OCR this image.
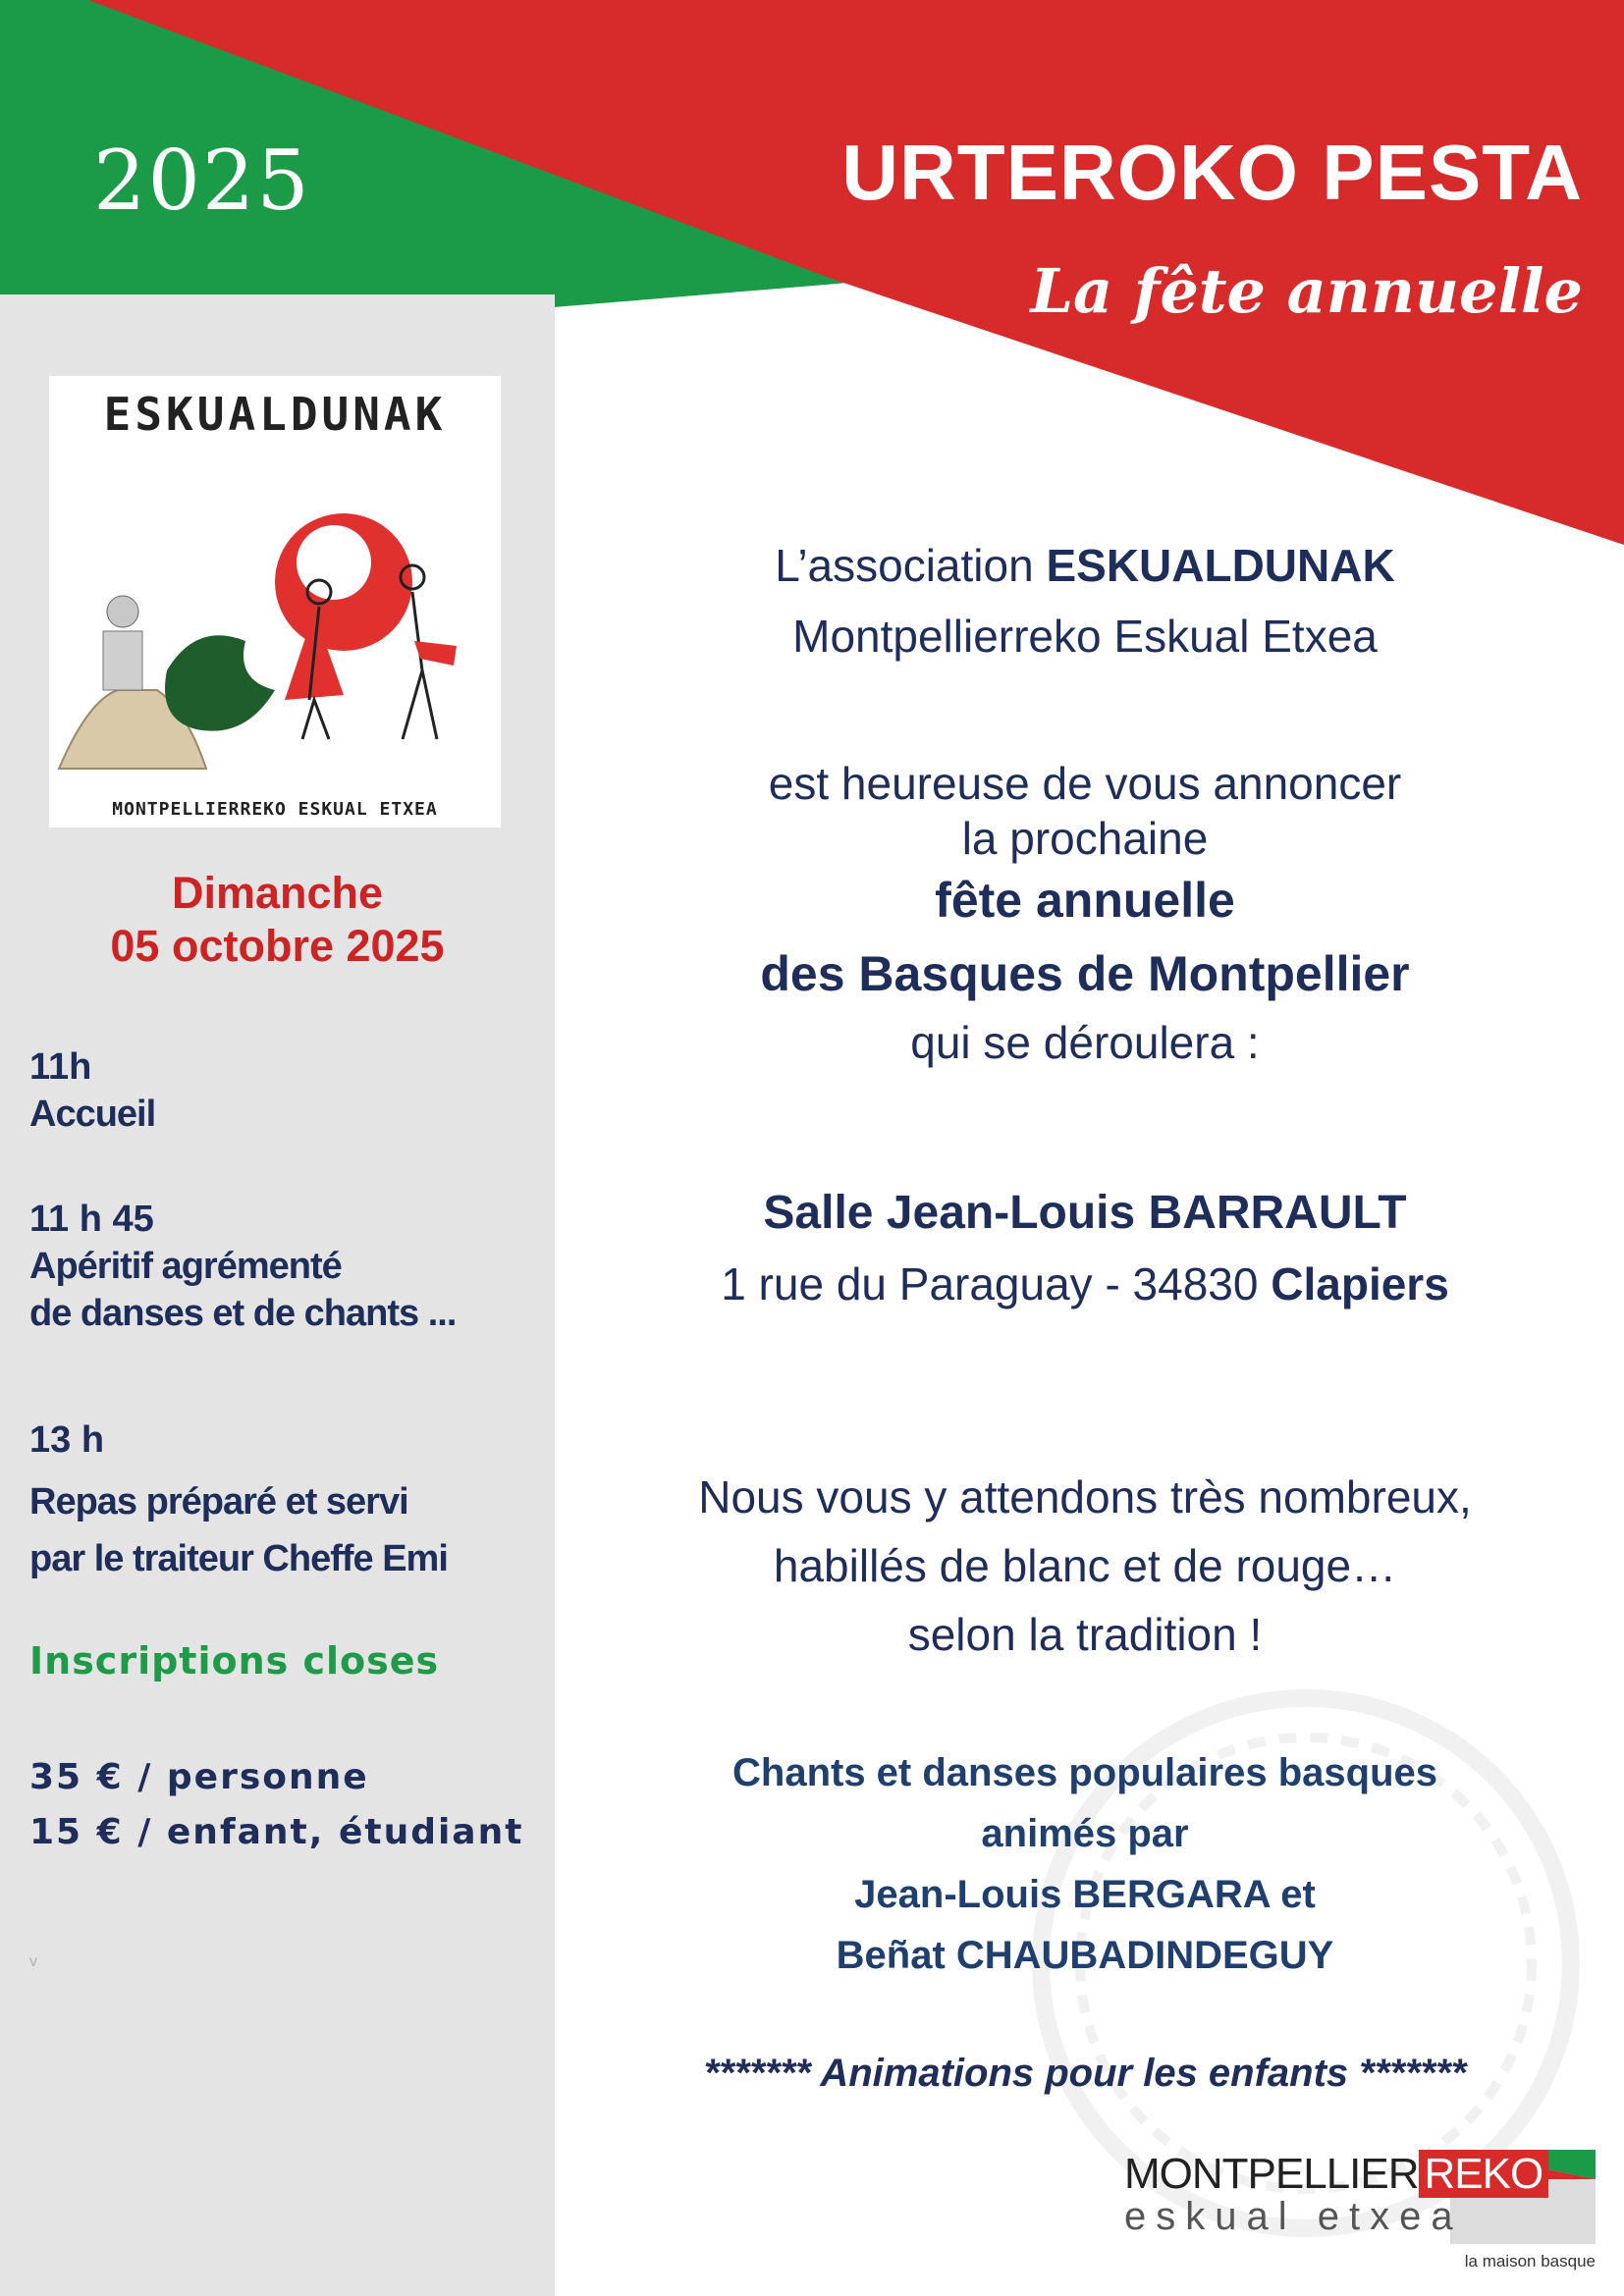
2025	URTEROKO PESTA
La fête annuelle
ESKUALDUNAK
MONTPELLIERREKO ESKUAL ETXEA
Dimanche
05 octobre 2025
11h
Accueil
11 h 45
Apéritif agrémenté
de danses et de chants ...
13 h
Repas préparé et servi
par le traiteur Cheffe Emi
Inscriptions closes
35 € / personne
15 € / enfant, étudiant
v
L’association ESKUALDUNAK
Montpellierreko Eskual Etxea
est heureuse de vous annoncer
la prochaine
fête annuelle
des Basques de Montpellier
qui se déroulera :
Salle Jean-Louis BARRAULT
1 rue du Paraguay - 34830 Clapiers
Nous vous y attendons très nombreux,
habillés de blanc et de rouge…
selon la tradition !
Chants et danses populaires basques
animés par
Jean-Louis BERGARA et
Beñat CHAUBADINDEGUY
******* Animations pour les enfants *******
MONTPELLIER REKO
eskual etxea
la maison basque
